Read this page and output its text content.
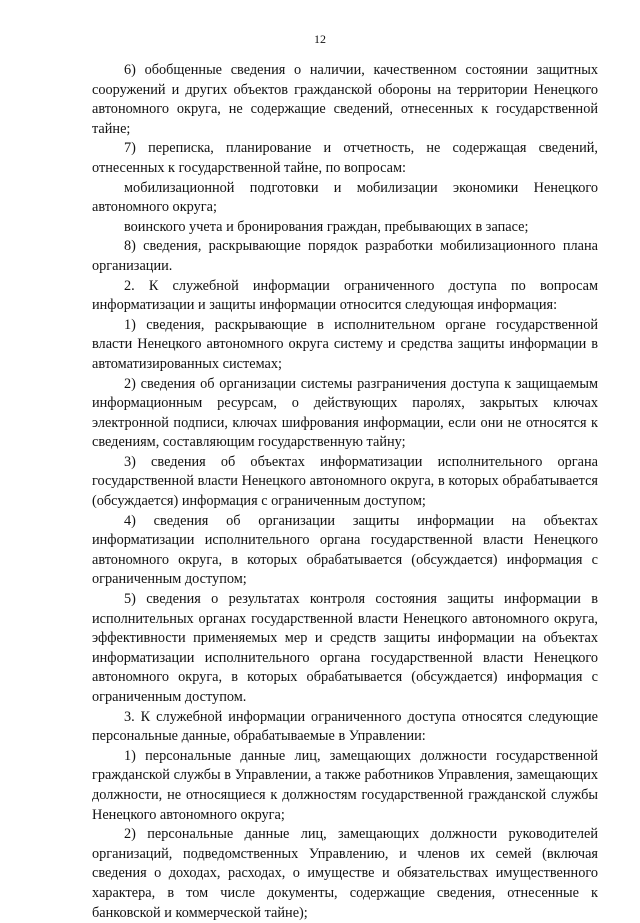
12

6) обобщенные сведения о наличии, качественном состоянии защитных сооружений и других объектов гражданской обороны на территории Ненецкого автономного округа, не содержащие сведений, отнесенных к государственной тайне;

7) переписка, планирование и отчетность, не содержащая сведений, отнесенных к государственной тайне, по вопросам:

мобилизационной подготовки и мобилизации экономики Ненецкого автономного округа;

воинского учета и бронирования граждан, пребывающих в запасе;

8) сведения, раскрывающие порядок разработки мобилизационного плана организации.

2. К служебной информации ограниченного доступа по вопросам информатизации и защиты информации относится следующая информация:

1) сведения, раскрывающие в исполнительном органе государственной власти Ненецкого автономного округа систему и средства защиты информации в автоматизированных системах;

2) сведения об организации системы разграничения доступа к защищаемым информационным ресурсам, о действующих паролях, закрытых ключах электронной подписи, ключах шифрования информации, если они не относятся к сведениям, составляющим государственную тайну;

3) сведения об объектах информатизации исполнительного органа государственной власти Ненецкого автономного округа, в которых обрабатывается (обсуждается) информация с ограниченным доступом;

4) сведения об организации защиты информации на объектах информатизации исполнительного органа государственной власти Ненецкого автономного округа, в которых обрабатывается (обсуждается) информация с ограниченным доступом;

5) сведения о результатах контроля состояния защиты информации в исполнительных органах государственной власти Ненецкого автономного округа, эффективности применяемых мер и средств защиты информации на объектах информатизации исполнительного органа государственной власти Ненецкого автономного округа, в которых обрабатывается (обсуждается) информация с ограниченным доступом.

3. К служебной информации ограниченного доступа относятся следующие персональные данные, обрабатываемые в Управлении:

1) персональные данные лиц, замещающих должности государственной гражданской службы в Управлении, а также работников Управления, замещающих должности, не относящиеся к должностям государственной гражданской службы Ненецкого автономного округа;

2) персональные данные лиц, замещающих должности руководителей организаций, подведомственных Управлению, и членов их семей (включая сведения о доходах, расходах, о имуществе и обязательствах имущественного характера, в том числе документы, содержащие сведения, отнесенные к банковской и коммерческой тайне);
